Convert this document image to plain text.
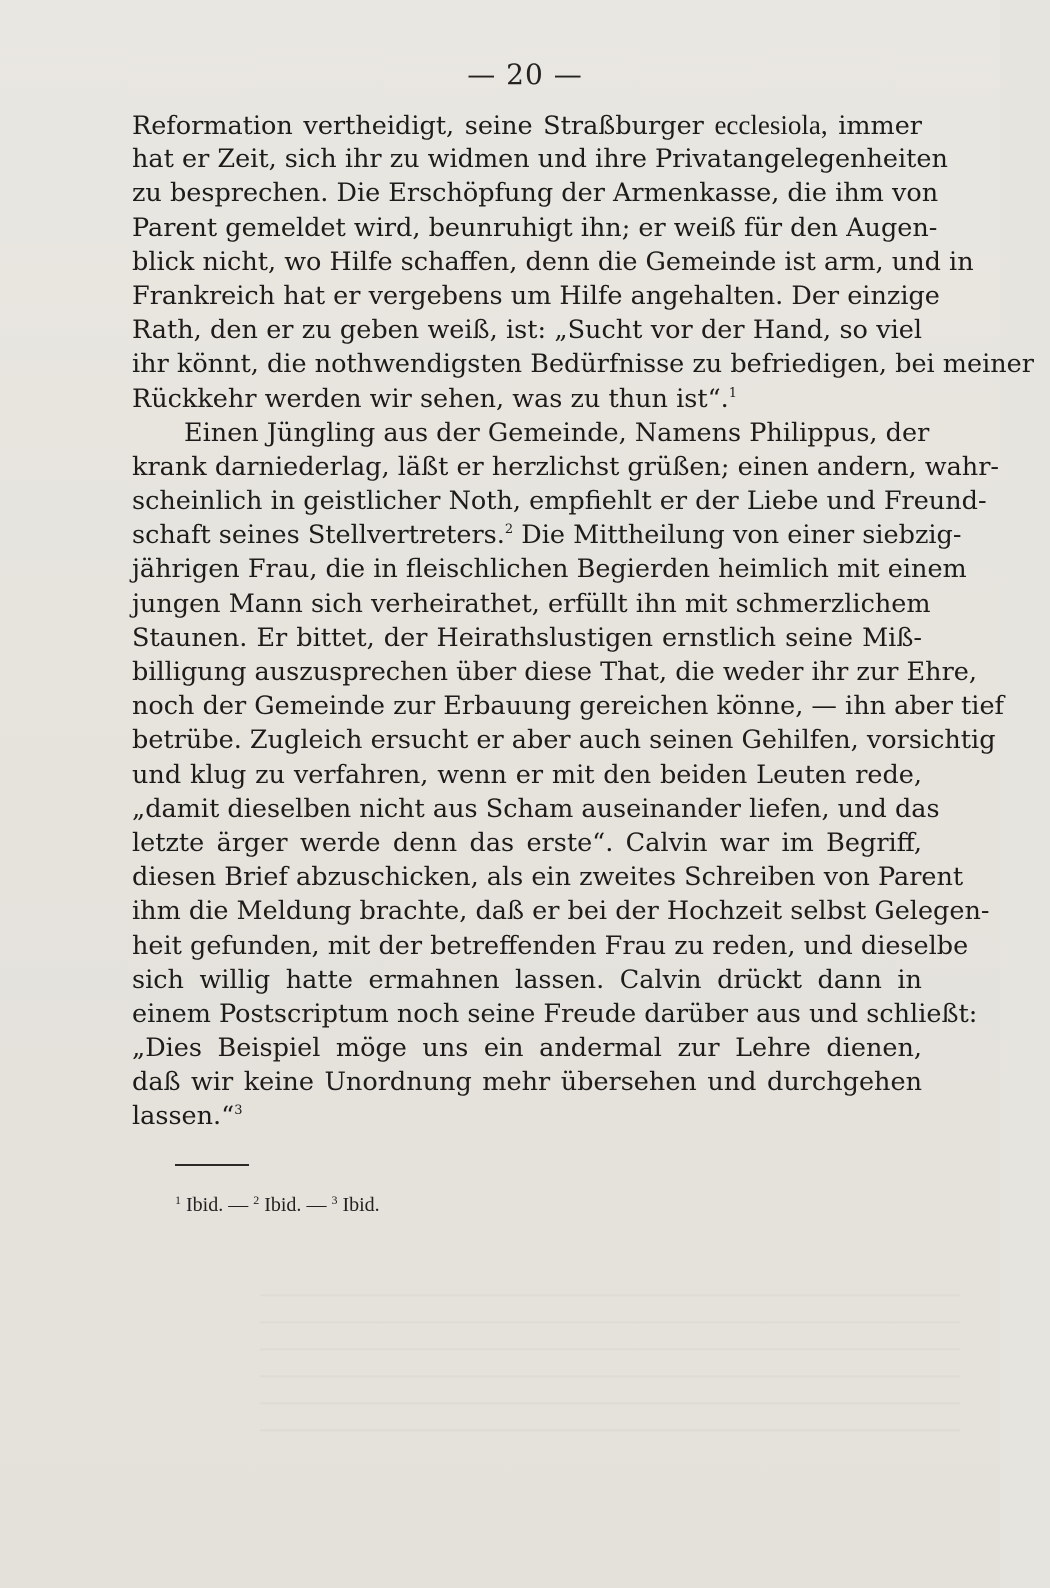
— 20 —
Reformation vertheidigt, seine Straßburger ecclesiola, immer
hat er Zeit, sich ihr zu widmen und ihre Privatangelegenheiten
zu besprechen. Die Erschöpfung der Armenkasse, die ihm von
Parent gemeldet wird, beunruhigt ihn; er weiß für den Augen-
blick nicht, wo Hilfe schaffen, denn die Gemeinde ist arm, und in
Frankreich hat er vergebens um Hilfe angehalten. Der einzige
Rath, den er zu geben weiß, ist: „Sucht vor der Hand, so viel
ihr könnt, die nothwendigsten Bedürfnisse zu befriedigen, bei meiner
Rückkehr werden wir sehen, was zu thun ist“.$^1$
Einen Jüngling aus der Gemeinde, Namens Philippus, der
krank darniederlag, läßt er herzlichst grüßen; einen andern, wahr-
scheinlich in geistlicher Noth, empfiehlt er der Liebe und Freund-
schaft seines Stellvertreters.$^2$ Die Mittheilung von einer siebzig-
jährigen Frau, die in fleischlichen Begierden heimlich mit einem
jungen Mann sich verheirathet, erfüllt ihn mit schmerzlichem
Staunen. Er bittet, der Heirathslustigen ernstlich seine Miß-
billigung auszusprechen über diese That, die weder ihr zur Ehre,
noch der Gemeinde zur Erbauung gereichen könne, — ihn aber tief
betrübe. Zugleich ersucht er aber auch seinen Gehilfen, vorsichtig
und klug zu verfahren, wenn er mit den beiden Leuten rede,
„damit dieselben nicht aus Scham auseinander liefen, und das
letzte ärger werde denn das erste“. Calvin war im Begriff,
diesen Brief abzuschicken, als ein zweites Schreiben von Parent
ihm die Meldung brachte, daß er bei der Hochzeit selbst Gelegen-
heit gefunden, mit der betreffenden Frau zu reden, und dieselbe
sich willig hatte ermahnen lassen. Calvin drückt dann in
einem Postscriptum noch seine Freude darüber aus und schließt:
„Dies Beispiel möge uns ein andermal zur Lehre dienen,
daß wir keine Unordnung mehr übersehen und durchgehen
lassen.“$^3$
$^1$ Ibid. — $^2$ Ibid. — $^3$ Ibid.
